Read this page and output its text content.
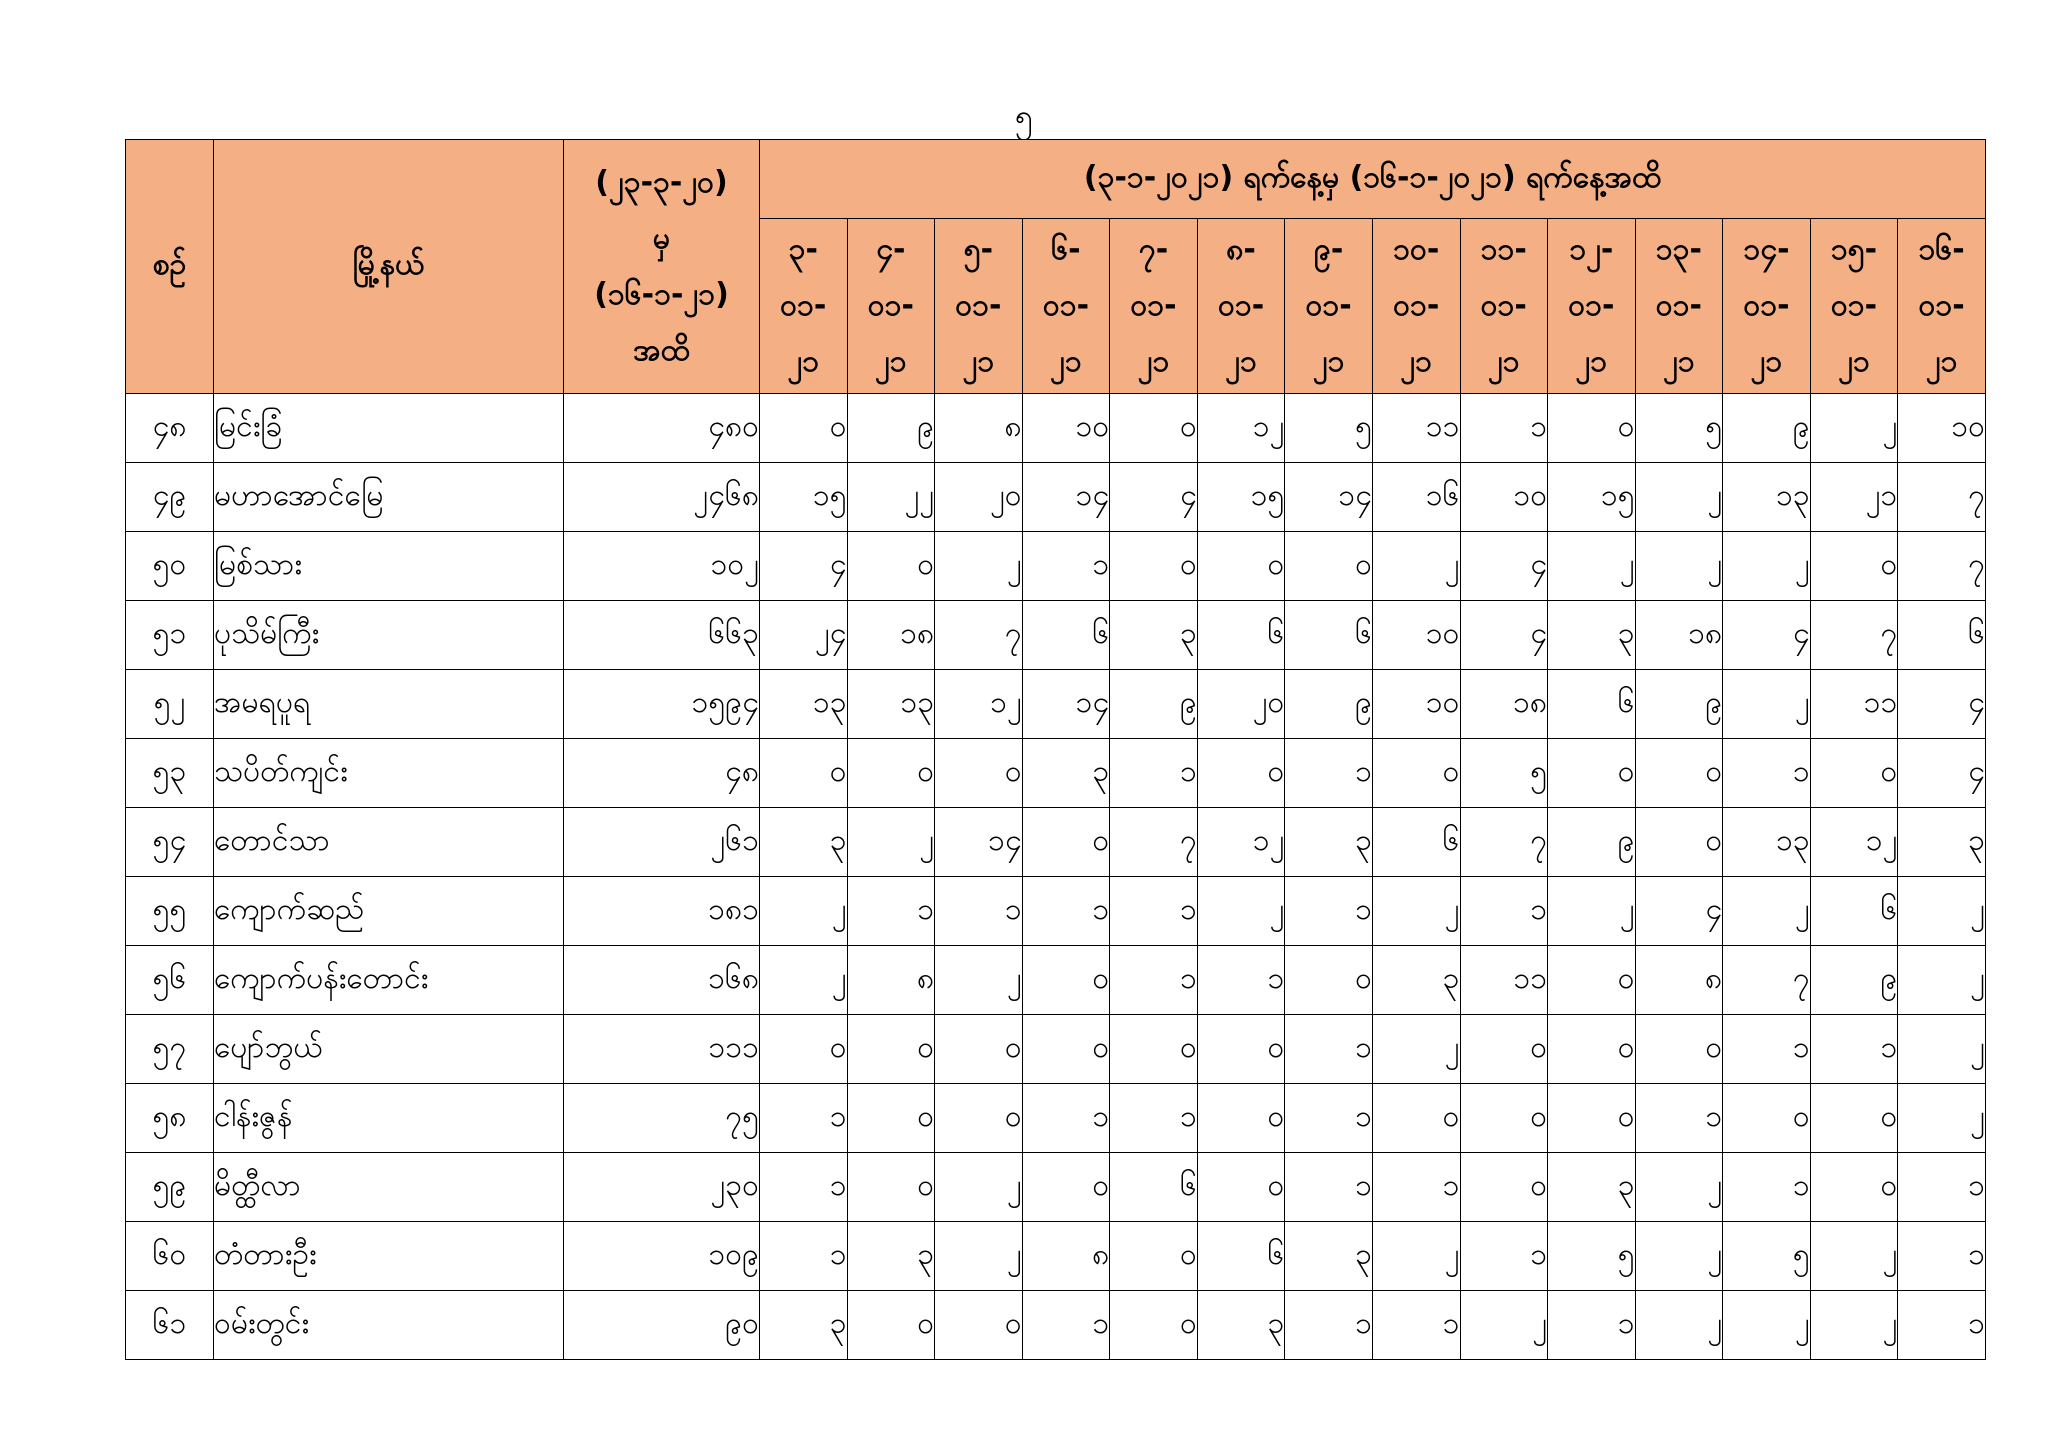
၅
စဉ်	မြို့နယ်	(၂၃-၃-၂၀)
မှ
(၁၆-၁-၂၁)
အထိ	(၃-၁-၂၀၂၁) ရက်နေ့မှ (၁၆-၁-၂၀၂၁) ရက်နေ့အထိ													

			၃-
၀၁-
၂၁	၄-
၀၁-
၂၁	၅-
၀၁-
၂၁	၆-
၀၁-
၂၁	၇-
၀၁-
၂၁	၈-
၀၁-
၂၁	၉-
၀၁-
၂၁	၁၀-
၀၁-
၂၁	၁၁-
၀၁-
၂၁	၁၂-
၀၁-
၂၁	၁၃-
၀၁-
၂၁	၁၄-
၀၁-
၂၁	၁၅-
၀၁-
၂၁	၁၆-
၀၁-
၂၁

၄၈	မြင်းခြံ	၄၈၀	၀	၉	၈	၁၀	၀	၁၂	၅	၁၁	၁	၀	၅	၉	၂	၁၀
၄၉	မဟာအောင်မြေ	၂၄၆၈	၁၅	၂၂	၂၀	၁၄	၄	၁၅	၁၄	၁၆	၁၀	၁၅	၂	၁၃	၂၁	၇
၅၀	မြစ်သား	၁၀၂	၄	၀	၂	၁	၀	၀	၀	၂	၄	၂	၂	၂	၀	၇
၅၁	ပုသိမ်ကြီး	၆၆၃	၂၄	၁၈	၇	၆	၃	၆	၆	၁၀	၄	၃	၁၈	၄	၇	၆
၅၂	အမရပူရ	၁၅၉၄	၁၃	၁၃	၁၂	၁၄	၉	၂၀	၉	၁၀	၁၈	၆	၉	၂	၁၁	၄
၅၃	သပိတ်ကျင်း	၄၈	၀	၀	၀	၃	၁	၀	၁	၀	၅	၀	၀	၁	၀	၄
၅၄	တောင်သာ	၂၆၁	၃	၂	၁၄	၀	၇	၁၂	၃	၆	၇	၉	၀	၁၃	၁၂	၃
၅၅	ကျောက်ဆည်	၁၈၁	၂	၁	၁	၁	၁	၂	၁	၂	၁	၂	၄	၂	၆	၂
၅၆	ကျောက်ပန်းတောင်း	၁၆၈	၂	၈	၂	၀	၁	၁	၀	၃	၁၁	၀	၈	၇	၉	၂
၅၇	ပျော်ဘွယ်	၁၁၁	၀	၀	၀	၀	၀	၀	၁	၂	၀	၀	၀	၁	၁	၂
၅၈	ငါန်းဇွန်	၇၅	၁	၀	၀	၁	၁	၀	၁	၀	၀	၀	၁	၀	၀	၂
၅၉	မိတ္ထီလာ	၂၃၀	၁	၀	၂	၀	၆	၀	၁	၁	၀	၃	၂	၁	၀	၁
၆၀	တံတားဦး	၁၀၉	၁	၃	၂	၈	၀	၆	၃	၂	၁	၅	၂	၅	၂	၁
၆၁	ဝမ်းတွင်း	၉၀	၃	၀	၀	၁	၀	၃	၁	၁	၂	၁	၂	၂	၂	၁
